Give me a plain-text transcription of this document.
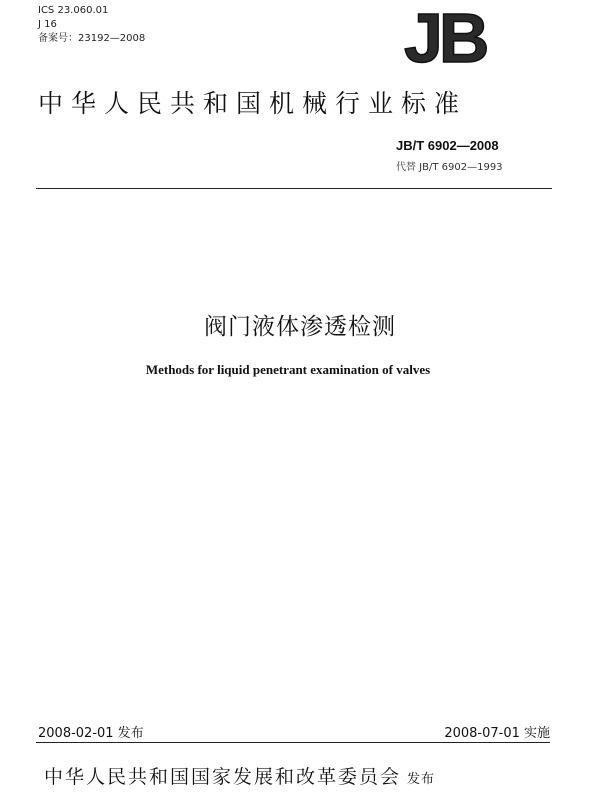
ICS 23.060.01
J 16
备案号：23192—2008	JB
中华人民共和国机械行业标准
JB/T 6902—2008
代替 JB/T 6902—1993
阀门液体渗透检测
Methods for liquid penetrant examination of valves
2008-02-01 发布	2008-07-01 实施
中华人民共和国国家发展和改革委员会 发布
